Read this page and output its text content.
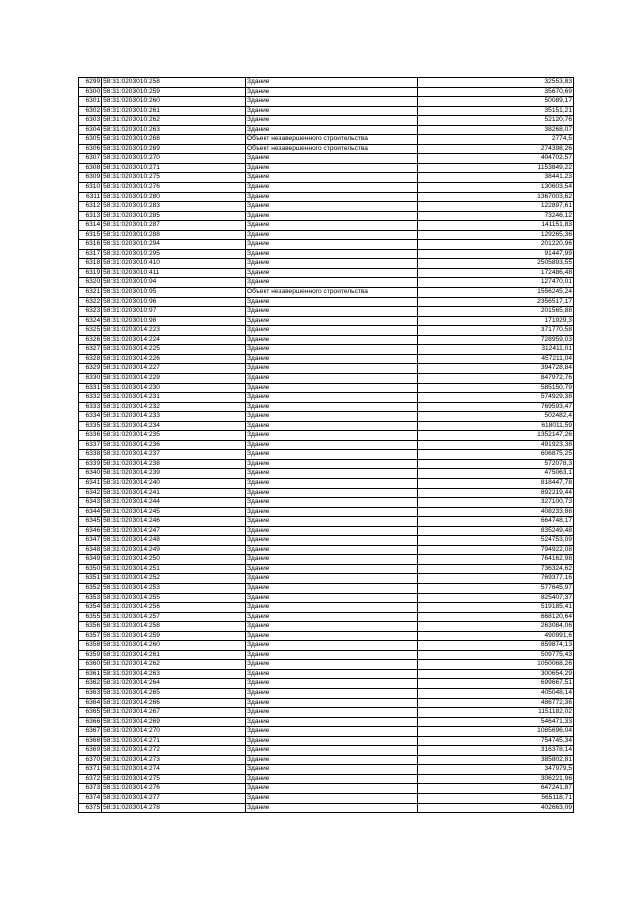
6299	58:31:0203010:258	Здание	32553,83
6300	58:31:0203010:259	Здание	35670,69
6301	58:31:0203010:260	Здание	50089,17
6302	58:31:0203010:261	Здание	35151,21
6303	58:31:0203010:262	Здание	52120,76
6304	58:31:0203010:263	Здание	38268,07
6305	58:31:0203010:268	Объект незавершенного строительства	2774,5
6306	58:31:0203010:269	Объект незавершенного строительства	274398,26
6307	58:31:0203010:270	Здание	404702,57
6308	58:31:0203010:271	Здание	1153849,22
6309	58:31:0203010:275	Здание	38441,23
6310	58:31:0203010:276	Здание	130603,54
6311	58:31:0203010:280	Здание	1367003,62
6312	58:31:0203010:283	Здание	122897,61
6313	58:31:0203010:285	Здание	73246,12
6314	58:31:0203010:287	Здание	141151,83
6315	58:31:0203010:288	Здание	129265,36
6316	58:31:0203010:294	Здание	201220,96
6317	58:31:0203010:295	Здание	91447,99
6318	58:31:0203010:410	Здание	2505893,55
6319	58:31:0203010:411	Здание	172486,48
6320	58:31:0203010:94	Здание	127470,01
6321	58:31:0203010:95	Объект незавершенного строительства	1556245,24
6322	58:31:0203010:96	Здание	2356517,17
6323	58:31:0203010:97	Здание	201565,88
6324	58:31:0203010:98	Здание	171929,3
6325	58:31:0203014:223	Здание	371770,58
6326	58:31:0203014:224	Здание	728959,03
6327	58:31:0203014:225	Здание	312411,01
6328	58:31:0203014:226	Здание	457211,04
6329	58:31:0203014:227	Здание	394728,84
6330	58:31:0203014:229	Здание	847972,76
6331	58:31:0203014:230	Здание	585150,79
6332	58:31:0203014:231	Здание	574929,38
6333	58:31:0203014:232	Здание	769593,47
6334	58:31:0203014:233	Здание	502482,4
6335	58:31:0203014:234	Здание	618011,59
6336	58:31:0203014:235	Здание	1352147,26
6337	58:31:0203014:236	Здание	491923,38
6338	58:31:0203014:237	Здание	606875,25
6339	58:31:0203014:238	Здание	572078,3
6340	58:31:0203014:239	Здание	475063,1
6341	58:31:0203014:240	Здание	818447,78
6342	58:31:0203014:241	Здание	892219,44
6343	58:31:0203014:244	Здание	327100,73
6344	58:31:0203014:245	Здание	408233,88
6345	58:31:0203014:246	Здание	664748,17
6346	58:31:0203014:247	Здание	835249,48
6347	58:31:0203014:248	Здание	524753,09
6348	58:31:0203014:249	Здание	794922,08
6349	58:31:0203014:250	Здание	764162,98
6350	58:31:0203014:251	Здание	736324,62
6351	58:31:0203014:252	Здание	769377,16
6352	58:31:0203014:253	Здание	577645,97
6353	58:31:0203014:255	Здание	825407,37
6354	58:31:0203014:256	Здание	519185,41
6355	58:31:0203014:257	Здание	668120,64
6356	58:31:0203014:258	Здание	263084,06
6357	58:31:0203014:259	Здание	490991,6
6358	58:31:0203014:260	Здание	859874,13
6359	58:31:0203014:261	Здание	509775,43
6360	58:31:0203014:262	Здание	1050068,26
6361	58:31:0203014:263	Здание	300654,29
6362	58:31:0203014:264	Здание	699667,51
6363	58:31:0203014:265	Здание	405048,14
6364	58:31:0203014:266	Здание	486772,36
6365	58:31:0203014:267	Здание	1151182,02
6366	58:31:0203014:269	Здание	546471,33
6367	58:31:0203014:270	Здание	1085696,04
6368	58:31:0203014:271	Здание	754745,34
6369	58:31:0203014:272	Здание	316378,14
6370	58:31:0203014:273	Здание	385802,81
6371	58:31:0203014:274	Здание	347979,5
6372	58:31:0203014:275	Здание	306221,96
6373	58:31:0203014:276	Здание	647241,87
6374	58:31:0203014:277	Здание	565118,71
6375	58:31:0203014:278	Здание	402663,09
